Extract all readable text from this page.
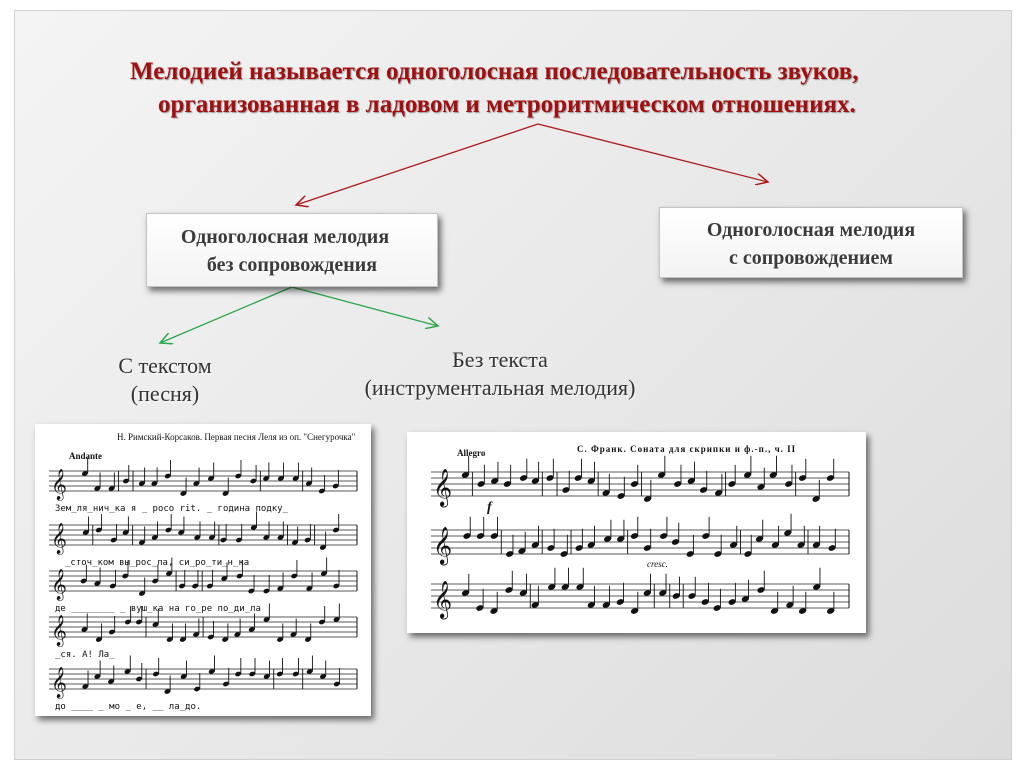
Мелодией называется одноголосная последовательность звуков,
организованная в ладовом и метроритмическом отношениях.
Одноголосная мелодия
без сопровождения
Одноголосная мелодия
с сопровождением
С текстом
(песня)
Без текста
(инструментальная мелодия)
Н. Римский-Корсаков. Первая песня Леля из оп. "Снегурочка"
Andante
𝄞
𝄞
𝄞
𝄞
𝄞
Зем_ля_нич_ка я _ росо rit. _ година подку_
_сточ_ком вы_рос_ла, си_ро_ти_н_ка
де ________ _ вуш_ка на го_ре по_ди_ла
_ся. А! Ла_
до ____ _ мо _ е, __ ла_до.
С. Франк. Соната для скрипки и ф.-п., ч. II
Allegro
f
cresc.
𝄞
𝄞
𝄞
